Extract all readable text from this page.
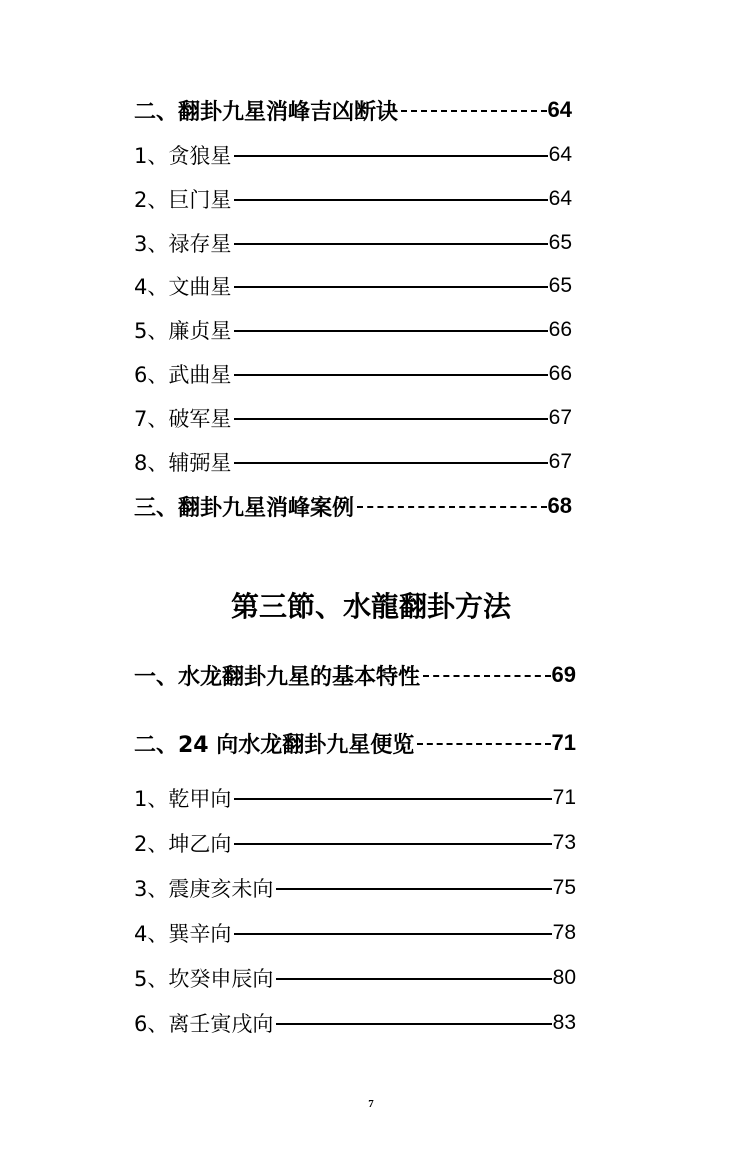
二、翻卦九星消峰吉凶断诀	64
1、贪狼星	64
2、巨门星	64
3、禄存星	65
4、文曲星	65
5、廉贞星	66
6、武曲星	66
7、破军星	67
8、辅弼星	67
三、翻卦九星消峰案例	68
第三節、水龍翻卦方法
一、水龙翻卦九星的基本特性	69
二、24 向水龙翻卦九星便览	71
1、乾甲向	71
2、坤乙向	73
3、震庚亥未向	75
4、巽辛向	78
5、坎癸申辰向	80
6、离壬寅戌向	83
7
